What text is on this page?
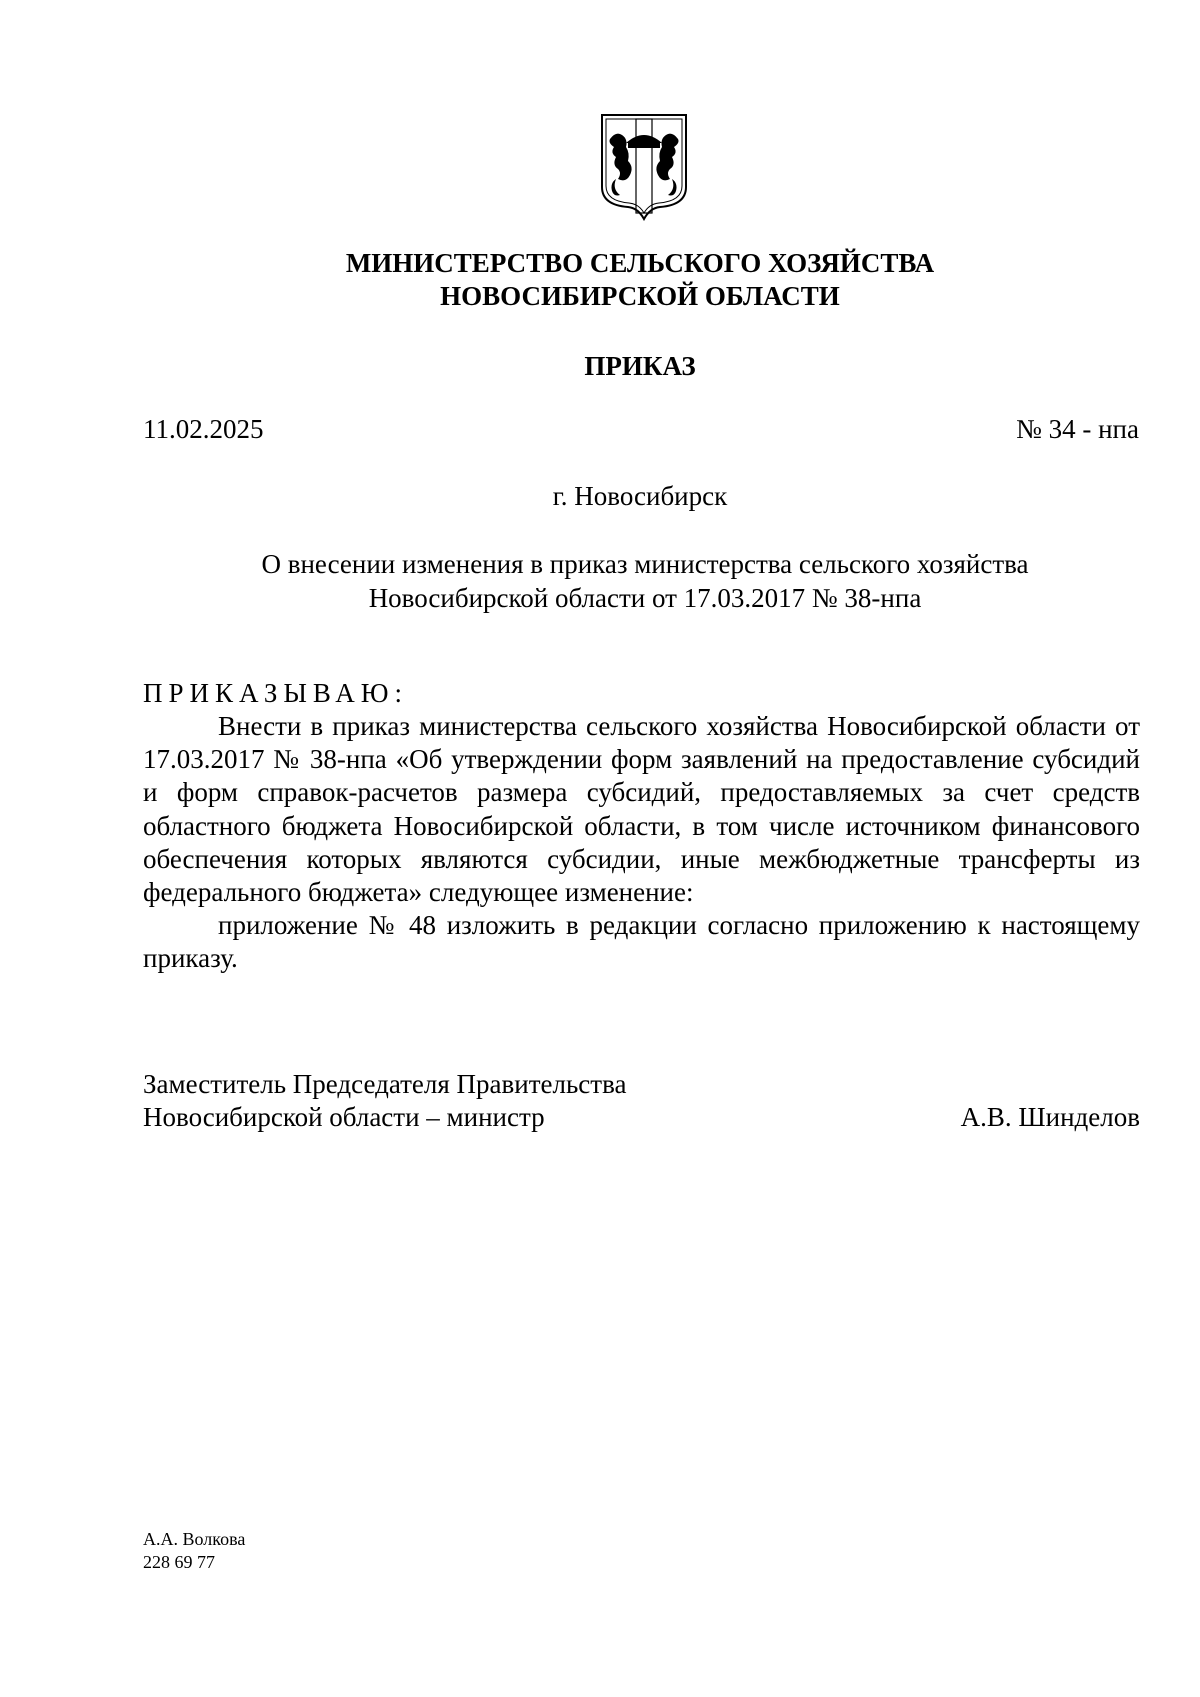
МИНИСТЕРСТВО СЕЛЬСКОГО ХОЗЯЙСТВА
НОВОСИБИРСКОЙ ОБЛАСТИ
ПРИКАЗ
11.02.2025	№ 34 - нпа
г. Новосибирск
О внесении изменения в приказ министерства сельского хозяйства
Новосибирской области от 17.03.2017 № 38-нпа
ПРИКАЗЫВАЮ:

Внести в приказ министерства сельского хозяйства Новосибирской области от 17.03.2017 № 38-нпа «Об утверждении форм заявлений на предоставление субсидий и форм справок-расчетов размера субсидий, предоставляемых за счет средств областного бюджета Новосибирской области, в том числе источником финансового обеспечения которых являются субсидии, иные межбюджетные трансферты из федерального бюджета» следующее изменение:

приложение № 48 изложить в редакции согласно приложению к настоящему приказу.

Заместитель Председателя Правительства
Новосибирской области – министр	А.В. Шинделов
А.А. Волкова
228 69 77
